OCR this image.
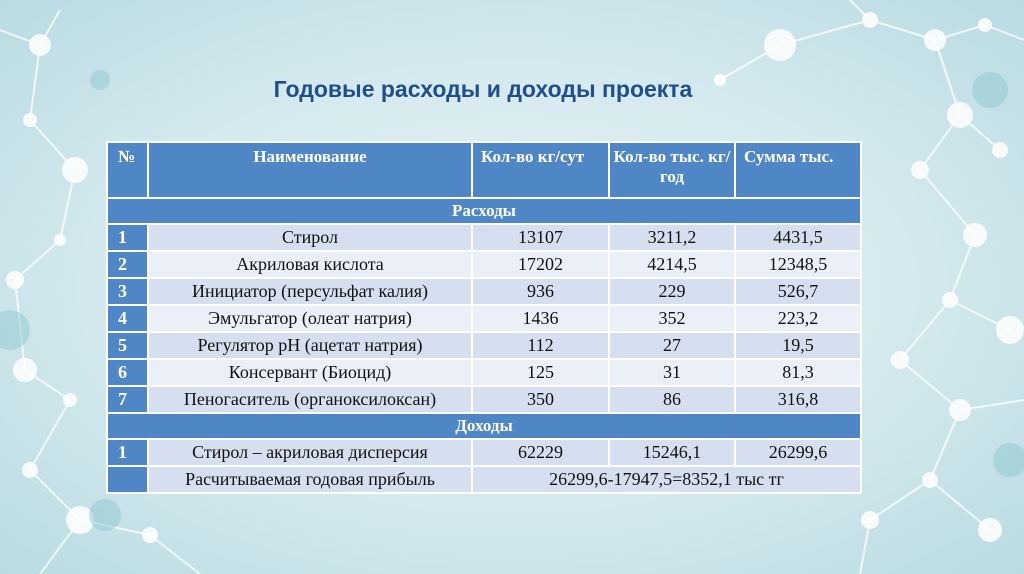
Годовые расходы и доходы проекта
№	Наименование	Кол-во кг/сут	Кол-во тыс. кг/год	Сумма тыс.
Расходы				
1	Стирол	13107	3211,2	4431,5
2	Акриловая кислота	17202	4214,5	12348,5
3	Инициатор (персульфат калия)	936	229	526,7
4	Эмульгатор (олеат натрия)	1436	352	223,2
5	Регулятор pH (ацетат натрия)	112	27	19,5
6	Консервант (Биоцид)	125	31	81,3
7	Пеногаситель (органоксилоксан)	350	86	316,8
Доходы				
1	Стирол – акриловая дисперсия	62229	15246,1	26299,6
	Расчитываемая годовая прибыль	26299,6-17947,5=8352,1 тыс тг		
